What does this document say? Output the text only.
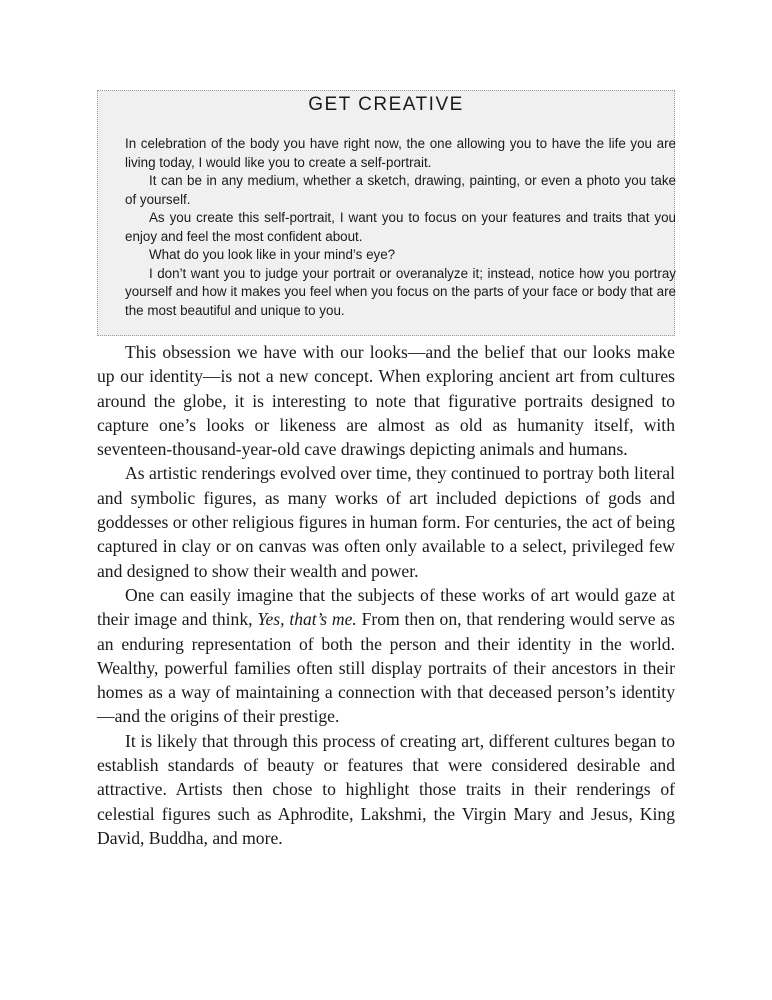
GET CREATIVE

In celebration of the body you have right now, the one allowing you to have the life you are living today, I would like you to create a self-portrait.

It can be in any medium, whether a sketch, drawing, painting, or even a photo you take of yourself.

As you create this self-portrait, I want you to focus on your features and traits that you enjoy and feel the most confident about.

What do you look like in your mind’s eye?

I don’t want you to judge your portrait or overanalyze it; instead, notice how you portray yourself and how it makes you feel when you focus on the parts of your face or body that are the most beautiful and unique to you.

This obsession we have with our looks—and the belief that our looks make up our identity—is not a new concept. When exploring ancient art from cultures around the globe, it is interesting to note that figurative portraits designed to capture one’s looks or likeness are almost as old as humanity itself, with seventeen-thousand-year-old cave drawings depicting animals and humans.

As artistic renderings evolved over time, they continued to portray both literal and symbolic figures, as many works of art included depictions of gods and goddesses or other religious figures in human form. For centuries, the act of being captured in clay or on canvas was often only available to a select, privileged few and designed to show their wealth and power.

One can easily imagine that the subjects of these works of art would gaze at their image and think, Yes, that’s me. From then on, that rendering would serve as an enduring representation of both the person and their identity in the world. Wealthy, powerful families often still display portraits of their ancestors in their homes as a way of maintaining a connection with that deceased person’s identity—and the origins of their prestige.

It is likely that through this process of creating art, different cultures began to establish standards of beauty or features that were considered desirable and attractive. Artists then chose to highlight those traits in their renderings of celestial figures such as Aphrodite, Lakshmi, the Virgin Mary and Jesus, King David, Buddha, and more.
